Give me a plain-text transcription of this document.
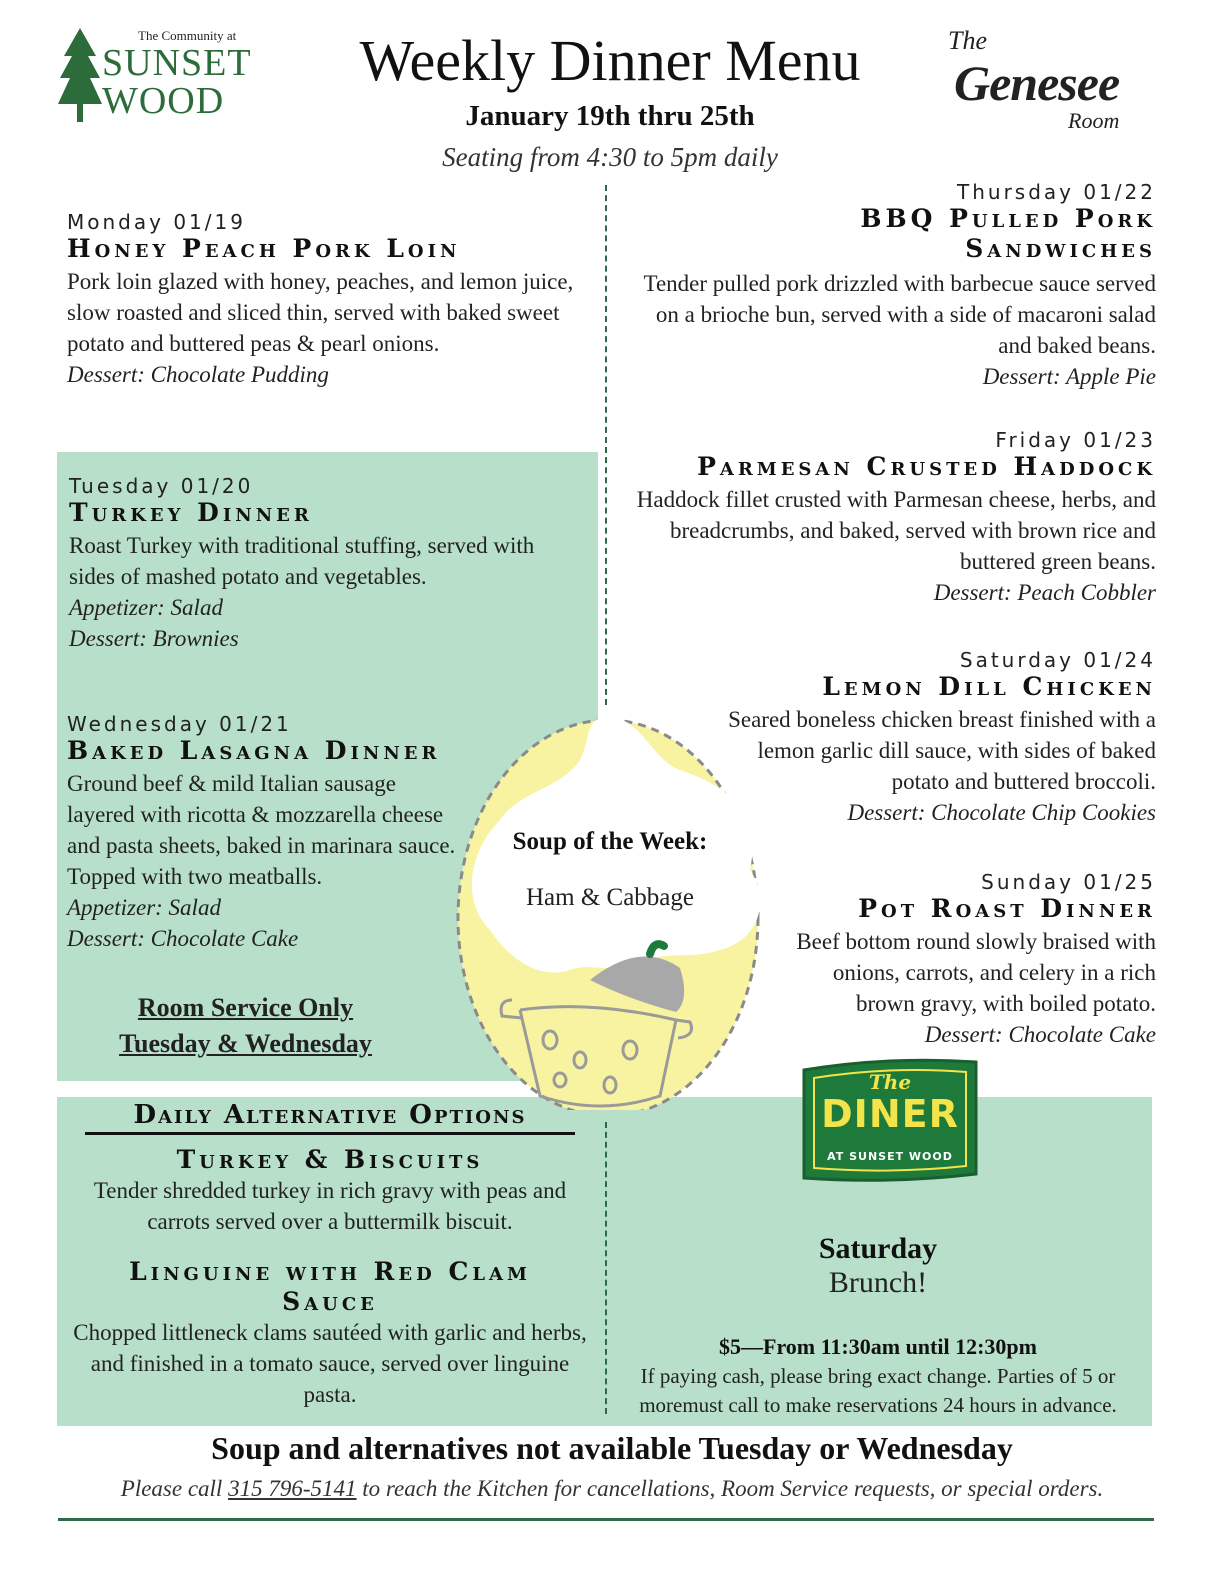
The Community at
SUNSET
WOOD
Weekly Dinner Menu
January 19th thru 25th
Seating from 4:30 to 5pm daily
The
Genesee
Room
Soup of the Week:
Ham & Cabbage
Monday 01/19
Honey Peach Pork Loin
Pork loin glazed with honey, peaches, and lemon juice, slow roasted and sliced thin, served with baked sweet potato and buttered peas & pearl onions.
Dessert: Chocolate Pudding
Tuesday 01/20
Turkey Dinner
Roast Turkey with traditional stuffing, served with sides of mashed potato and vegetables.
Appetizer: Salad
Dessert: Brownies
Wednesday 01/21
Baked Lasagna Dinner
Ground beef & mild Italian sausage layered with ricotta & mozzarella cheese and pasta sheets, baked in marinara sauce. Topped with two meatballs.
Appetizer: Salad
Dessert: Chocolate Cake
Room Service Only
Tuesday & Wednesday
Thursday 01/22
BBQ Pulled Pork
Sandwiches
Tender pulled pork drizzled with barbecue sauce served on a brioche bun, served with a side of macaroni salad and baked beans.
Dessert: Apple Pie
Friday 01/23
Parmesan Crusted Haddock
Haddock fillet crusted with Parmesan cheese, herbs, and breadcrumbs, and baked, served with brown rice and buttered green beans.
Dessert: Peach Cobbler
Saturday 01/24
Lemon Dill Chicken
Seared boneless chicken breast finished with a lemon garlic dill sauce, with sides of baked potato and buttered broccoli.
Dessert: Chocolate Chip Cookies
Sunday 01/25
Pot Roast Dinner
Beef bottom round slowly braised with onions, carrots, and celery in a rich brown gravy, with boiled potato.
Dessert: Chocolate Cake
The
DINER
AT SUNSET WOOD
Daily Alternative Options
Turkey & Biscuits
Tender shredded turkey in rich gravy with peas and carrots served over a buttermilk biscuit.
Linguine with Red Clam
Sauce
Chopped littleneck clams sautéed with garlic and herbs, and finished in a tomato sauce, served over linguine pasta.
Saturday
Brunch!
$5—From 11:30am until 12:30pm
If paying cash, please bring exact change. Parties of 5 or moremust call to make reservations 24 hours in advance.
Soup and alternatives not available Tuesday or Wednesday
Please call 315 796-5141 to reach the Kitchen for cancellations, Room Service requests, or special orders.
